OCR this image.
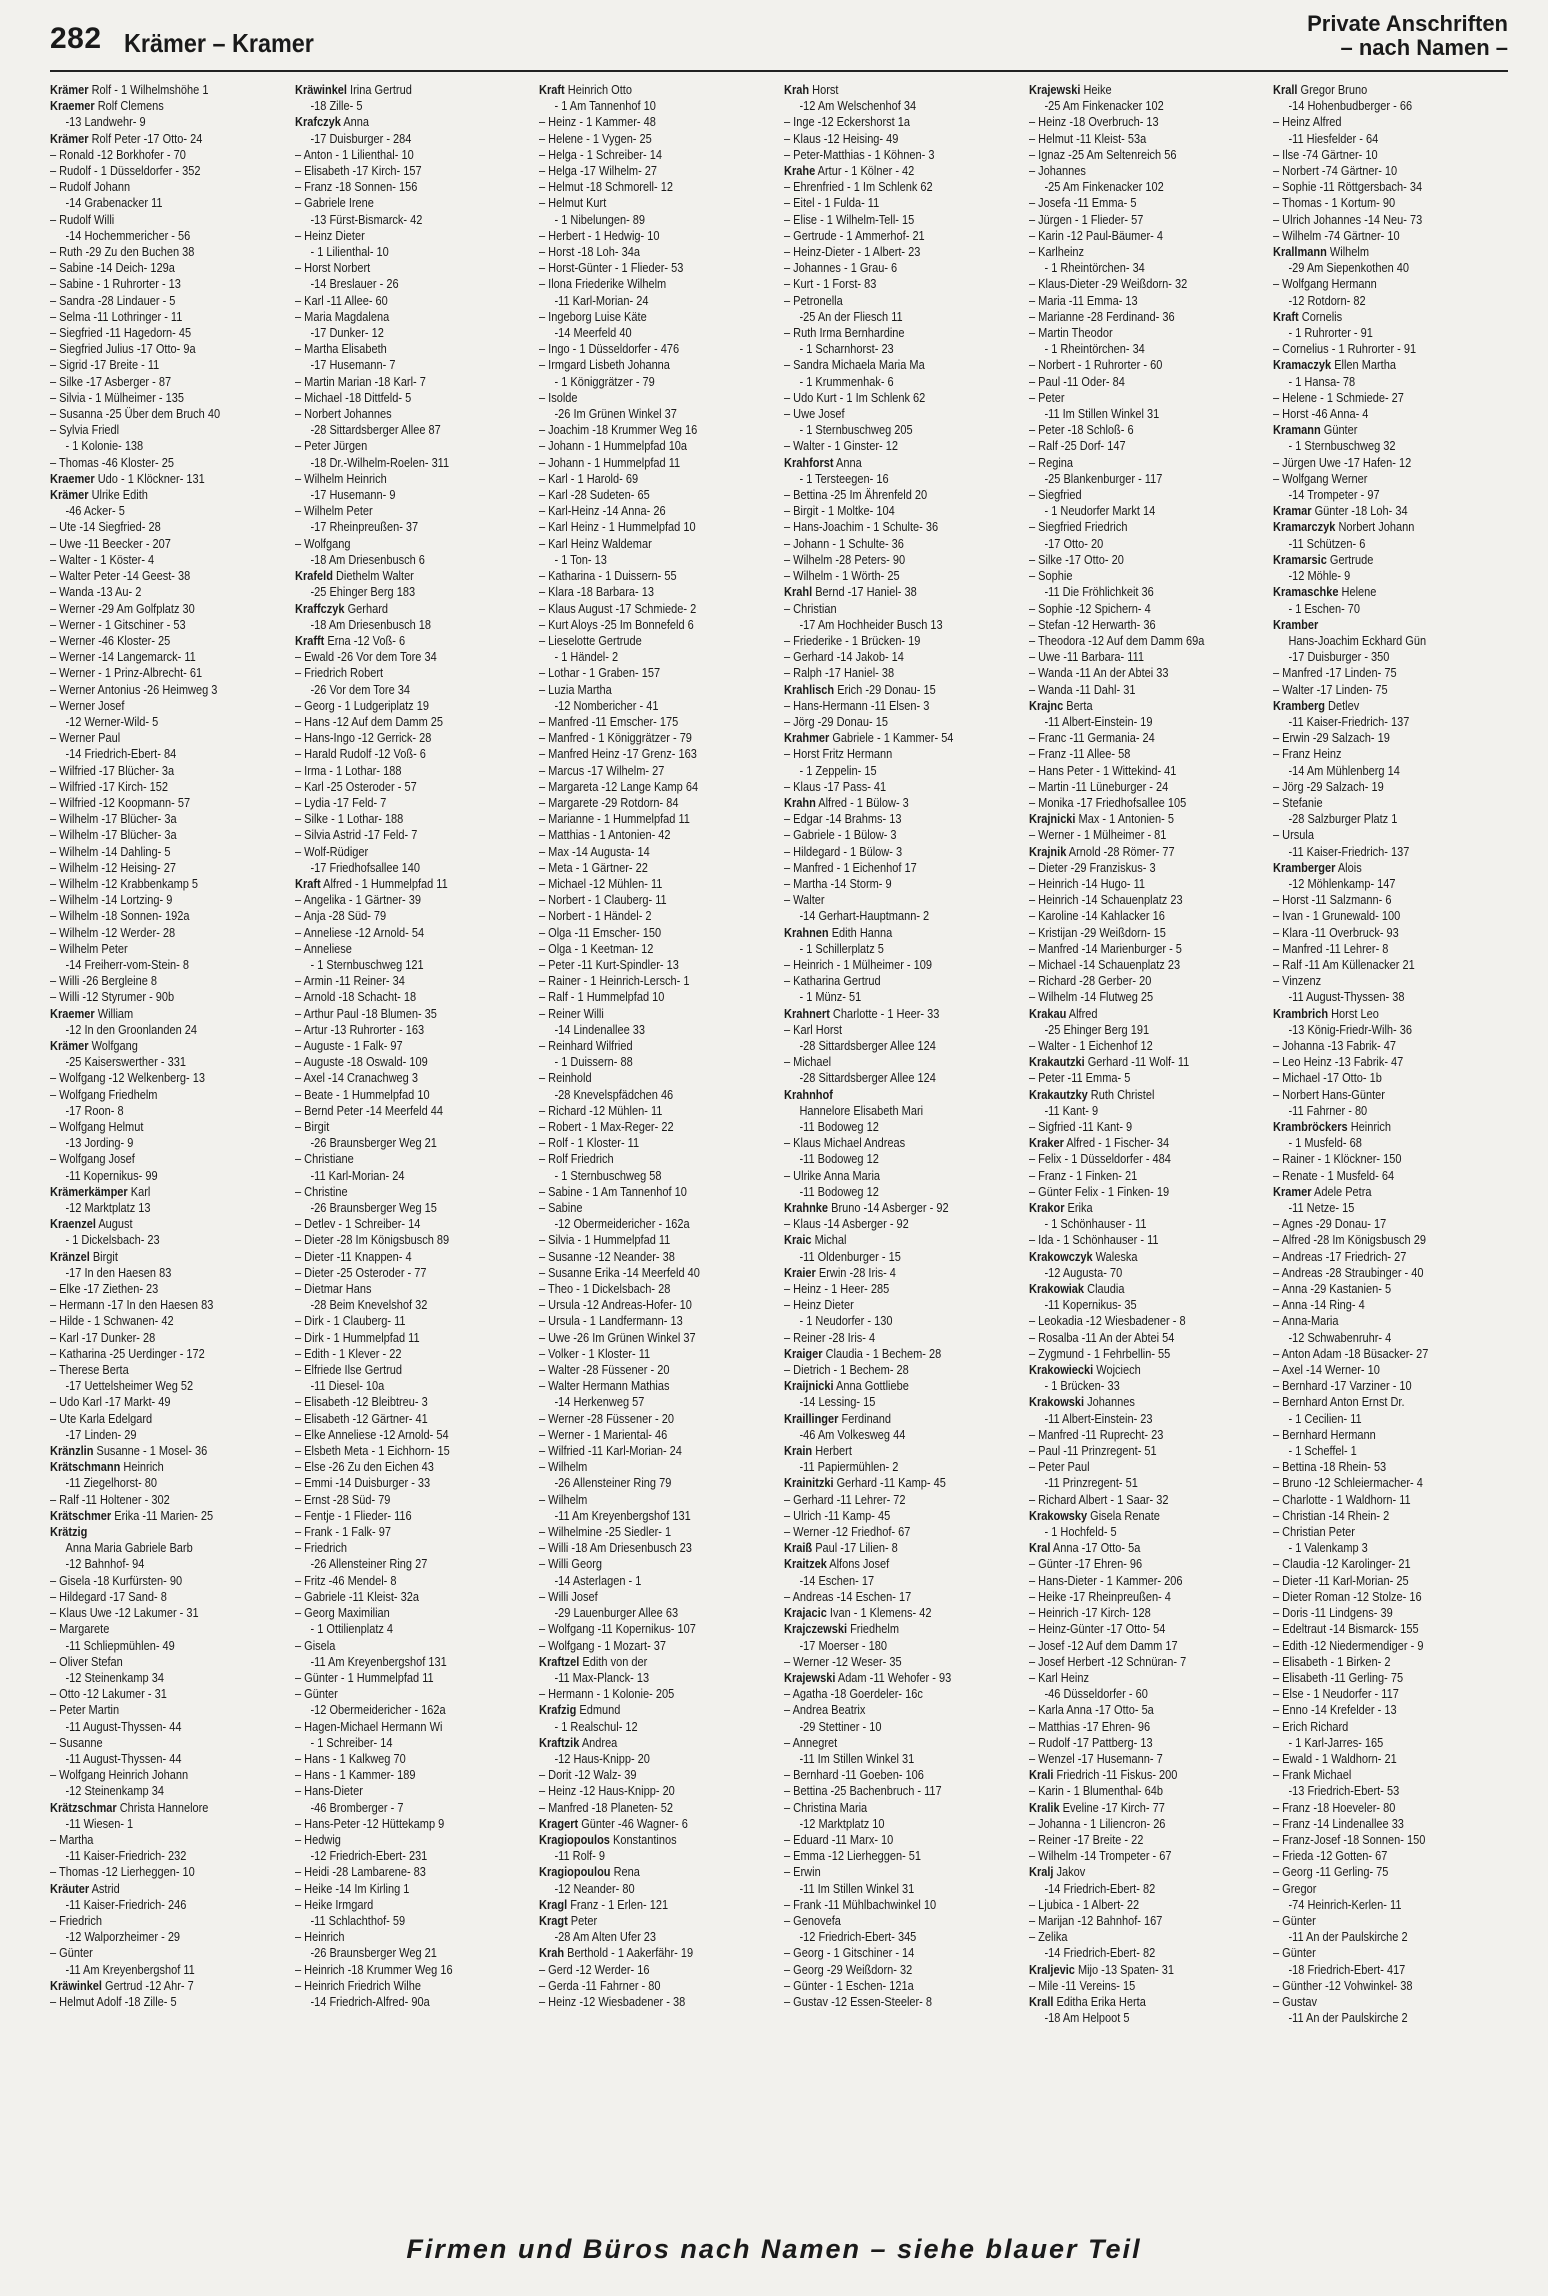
282 Krämer – Kramer
Private Anschriften
– nach Namen –
Krämer Rolf - 1 Wilhelmshöhe 1
Kraemer Rolf Clemens
-13 Landwehr- 9
Krämer Rolf Peter -17 Otto- 24
– Ronald -12 Borkhofer - 70
– Rudolf - 1 Düsseldorfer - 352
– Rudolf Johann
-14 Grabenacker 11
– Rudolf Willi
-14 Hochemmericher - 56
– Ruth -29 Zu den Buchen 38
– Sabine -14 Deich- 129a
– Sabine - 1 Ruhrorter - 13
– Sandra -28 Lindauer - 5
– Selma -11 Lothringer - 11
– Siegfried -11 Hagedorn- 45
– Siegfried Julius -17 Otto- 9a
– Sigrid -17 Breite - 11
– Silke -17 Asberger - 87
– Silvia - 1 Mülheimer - 135
– Susanna -25 Über dem Bruch 40
– Sylvia Friedl
- 1 Kolonie- 138
– Thomas -46 Kloster- 25
Kraemer Udo - 1 Klöckner- 131
Krämer Ulrike Edith
-46 Acker- 5
– Ute -14 Siegfried- 28
– Uwe -11 Beecker - 207
– Walter - 1 Köster- 4
– Walter Peter -14 Geest- 38
– Wanda -13 Au- 2
– Werner -29 Am Golfplatz 30
– Werner - 1 Gitschiner - 53
– Werner -46 Kloster- 25
– Werner -14 Langemarck- 11
– Werner - 1 Prinz-Albrecht- 61
– Werner Antonius -26 Heimweg 3
– Werner Josef
-12 Werner-Wild- 5
– Werner Paul
-14 Friedrich-Ebert- 84
– Wilfried -17 Blücher- 3a
– Wilfried -17 Kirch- 152
– Wilfried -12 Koopmann- 57
– Wilhelm -17 Blücher- 3a
– Wilhelm -17 Blücher- 3a
– Wilhelm -14 Dahling- 5
– Wilhelm -12 Heising- 27
– Wilhelm -12 Krabbenkamp 5
– Wilhelm -14 Lortzing- 9
– Wilhelm -18 Sonnen- 192a
– Wilhelm -12 Werder- 28
– Wilhelm Peter
-14 Freiherr-vom-Stein- 8
– Willi -26 Bergleine 8
– Willi -12 Styrumer - 90b
Kraemer William
-12 In den Groonlanden 24
Krämer Wolfgang
-25 Kaiserswerther - 331
– Wolfgang -12 Welkenberg- 13
– Wolfgang Friedhelm
-17 Roon- 8
– Wolfgang Helmut
-13 Jording- 9
– Wolfgang Josef
-11 Kopernikus- 99
Krämerkämper Karl
-12 Marktplatz 13
Kraenzel August
- 1 Dickelsbach- 23
Kränzel Birgit
-17 In den Haesen 83
– Elke -17 Ziethen- 23
– Hermann -17 In den Haesen 83
– Hilde - 1 Schwanen- 42
– Karl -17 Dunker- 28
– Katharina -25 Uerdinger - 172
– Therese Berta
-17 Uettelsheimer Weg 52
– Udo Karl -17 Markt- 49
– Ute Karla Edelgard
-17 Linden- 29
Kränzlin Susanne - 1 Mosel- 36
Krätschmann Heinrich
-11 Ziegelhorst- 80
– Ralf -11 Holtener - 302
Krätschmer Erika -11 Marien- 25
Krätzig
Anna Maria Gabriele Barb
-12 Bahnhof- 94
– Gisela -18 Kurfürsten- 90
– Hildegard -17 Sand- 8
– Klaus Uwe -12 Lakumer - 31
– Margarete
-11 Schliepmühlen- 49
– Oliver Stefan
-12 Steinenkamp 34
– Otto -12 Lakumer - 31
– Peter Martin
-11 August-Thyssen- 44
– Susanne
-11 August-Thyssen- 44
– Wolfgang Heinrich Johann
-12 Steinenkamp 34
Krätzschmar Christa Hannelore
-11 Wiesen- 1
– Martha
-11 Kaiser-Friedrich- 232
– Thomas -12 Lierheggen- 10
Kräuter Astrid
-11 Kaiser-Friedrich- 246
– Friedrich
-12 Walporzheimer - 29
– Günter
-11 Am Kreyenbergshof 11
Kräwinkel Gertrud -12 Ahr- 7
– Helmut Adolf -18 Zille- 5
Kräwinkel Irina Gertrud
-18 Zille- 5
Krafczyk Anna
-17 Duisburger - 284
– Anton - 1 Lilienthal- 10
– Elisabeth -17 Kirch- 157
– Franz -18 Sonnen- 156
– Gabriele Irene
-13 Fürst-Bismarck- 42
– Heinz Dieter
- 1 Lilienthal- 10
– Horst Norbert
-14 Breslauer - 26
– Karl -11 Allee- 60
– Maria Magdalena
-17 Dunker- 12
– Martha Elisabeth
-17 Husemann- 7
– Martin Marian -18 Karl- 7
– Michael -18 Dittfeld- 5
– Norbert Johannes
-28 Sittardsberger Allee 87
– Peter Jürgen
-18 Dr.-Wilhelm-Roelen- 311
– Wilhelm Heinrich
-17 Husemann- 9
– Wilhelm Peter
-17 Rheinpreußen- 37
– Wolfgang
-18 Am Driesenbusch 6
Krafeld Diethelm Walter
-25 Ehinger Berg 183
Kraffczyk Gerhard
-18 Am Driesenbusch 18
Krafft Erna -12 Voß- 6
– Ewald -26 Vor dem Tore 34
– Friedrich Robert
-26 Vor dem Tore 34
– Georg - 1 Ludgeriplatz 19
– Hans -12 Auf dem Damm 25
– Hans-Ingo -12 Gerrick- 28
– Harald Rudolf -12 Voß- 6
– Irma - 1 Lothar- 188
– Karl -25 Osteroder - 57
– Lydia -17 Feld- 7
– Silke - 1 Lothar- 188
– Silvia Astrid -17 Feld- 7
– Wolf-Rüdiger
-17 Friedhofsallee 140
Kraft Alfred - 1 Hummelpfad 11
– Angelika - 1 Gärtner- 39
– Anja -28 Süd- 79
– Anneliese -12 Arnold- 54
– Anneliese
- 1 Sternbuschweg 121
– Armin -11 Reiner- 34
– Arnold -18 Schacht- 18
– Arthur Paul -18 Blumen- 35
– Artur -13 Ruhrorter - 163
– Auguste - 1 Falk- 97
– Auguste -18 Oswald- 109
– Axel -14 Cranachweg 3
– Beate - 1 Hummelpfad 10
– Bernd Peter -14 Meerfeld 44
– Birgit
-26 Braunsberger Weg 21
– Christiane
-11 Karl-Morian- 24
– Christine
-26 Braunsberger Weg 15
– Detlev - 1 Schreiber- 14
– Dieter -28 Im Königsbusch 89
– Dieter -11 Knappen- 4
– Dieter -25 Osteroder - 77
– Dietmar Hans
-28 Beim Knevelshof 32
– Dirk - 1 Clauberg- 11
– Dirk - 1 Hummelpfad 11
– Edith - 1 Klever - 22
– Elfriede Ilse Gertrud
-11 Diesel- 10a
– Elisabeth -12 Bleibtreu- 3
– Elisabeth -12 Gärtner- 41
– Elke Anneliese -12 Arnold- 54
– Elsbeth Meta - 1 Eichhorn- 15
– Else -26 Zu den Eichen 43
– Emmi -14 Duisburger - 33
– Ernst -28 Süd- 79
– Fentje - 1 Flieder- 116
– Frank - 1 Falk- 97
– Friedrich
-26 Allensteiner Ring 27
– Fritz -46 Mendel- 8
– Gabriele -11 Kleist- 32a
– Georg Maximilian
- 1 Ottilienplatz 4
– Gisela
-11 Am Kreyenbergshof 131
– Günter - 1 Hummelpfad 11
– Günter
-12 Obermeidericher - 162a
– Hagen-Michael Hermann Wi
- 1 Schreiber- 14
– Hans - 1 Kalkweg 70
– Hans - 1 Kammer- 189
– Hans-Dieter
-46 Bromberger - 7
– Hans-Peter -12 Hüttekamp 9
– Hedwig
-12 Friedrich-Ebert- 231
– Heidi -28 Lambarene- 83
– Heike -14 Im Kirling 1
– Heike Irmgard
-11 Schlachthof- 59
– Heinrich
-26 Braunsberger Weg 21
– Heinrich -18 Krummer Weg 16
– Heinrich Friedrich Wilhe
-14 Friedrich-Alfred- 90a
Kraft Heinrich Otto
- 1 Am Tannenhof 10
– Heinz - 1 Kammer- 48
– Helene - 1 Vygen- 25
– Helga - 1 Schreiber- 14
– Helga -17 Wilhelm- 27
– Helmut -18 Schmorell- 12
– Helmut Kurt
- 1 Nibelungen- 89
– Herbert - 1 Hedwig- 10
– Horst -18 Loh- 34a
– Horst-Günter - 1 Flieder- 53
– Ilona Friederike Wilhelm
-11 Karl-Morian- 24
– Ingeborg Luise Käte
-14 Meerfeld 40
– Ingo - 1 Düsseldorfer - 476
– Irmgard Lisbeth Johanna
- 1 Königgrätzer - 79
– Isolde
-26 Im Grünen Winkel 37
– Joachim -18 Krummer Weg 16
– Johann - 1 Hummelpfad 10a
– Johann - 1 Hummelpfad 11
– Karl - 1 Harold- 69
– Karl -28 Sudeten- 65
– Karl-Heinz -14 Anna- 26
– Karl Heinz - 1 Hummelpfad 10
– Karl Heinz Waldemar
- 1 Ton- 13
– Katharina - 1 Duissern- 55
– Klara -18 Barbara- 13
– Klaus August -17 Schmiede- 2
– Kurt Aloys -25 Im Bonnefeld 6
– Lieselotte Gertrude
- 1 Händel- 2
– Lothar - 1 Graben- 157
– Luzia Martha
-12 Nombericher - 41
– Manfred -11 Emscher- 175
– Manfred - 1 Königgrätzer - 79
– Manfred Heinz -17 Grenz- 163
– Marcus -17 Wilhelm- 27
– Margareta -12 Lange Kamp 64
– Margarete -29 Rotdorn- 84
– Marianne - 1 Hummelpfad 11
– Matthias - 1 Antonien- 42
– Max -14 Augusta- 14
– Meta - 1 Gärtner- 22
– Michael -12 Mühlen- 11
– Norbert - 1 Clauberg- 11
– Norbert - 1 Händel- 2
– Olga -11 Emscher- 150
– Olga - 1 Keetman- 12
– Peter -11 Kurt-Spindler- 13
– Rainer - 1 Heinrich-Lersch- 1
– Ralf - 1 Hummelpfad 10
– Reiner Willi
-14 Lindenallee 33
– Reinhard Wilfried
- 1 Duissern- 88
– Reinhold
-28 Knevelspfädchen 46
– Richard -12 Mühlen- 11
– Robert - 1 Max-Reger- 22
– Rolf - 1 Kloster- 11
– Rolf Friedrich
- 1 Sternbuschweg 58
– Sabine - 1 Am Tannenhof 10
– Sabine
-12 Obermeidericher - 162a
– Silvia - 1 Hummelpfad 11
– Susanne -12 Neander- 38
– Susanne Erika -14 Meerfeld 40
– Theo - 1 Dickelsbach- 28
– Ursula -12 Andreas-Hofer- 10
– Ursula - 1 Landfermann- 13
– Uwe -26 Im Grünen Winkel 37
– Volker - 1 Kloster- 11
– Walter -28 Füssener - 20
– Walter Hermann Mathias
-14 Herkenweg 57
– Werner -28 Füssener - 20
– Werner - 1 Mariental- 46
– Wilfried -11 Karl-Morian- 24
– Wilhelm
-26 Allensteiner Ring 79
– Wilhelm
-11 Am Kreyenbergshof 131
– Wilhelmine -25 Siedler- 1
– Willi -18 Am Driesenbusch 23
– Willi Georg
-14 Asterlagen - 1
– Willi Josef
-29 Lauenburger Allee 63
– Wolfgang -11 Kopernikus- 107
– Wolfgang - 1 Mozart- 37
Kraftzel Edith von der
-11 Max-Planck- 13
– Hermann - 1 Kolonie- 205
Krafzig Edmund
- 1 Realschul- 12
Kraftzik Andrea
-12 Haus-Knipp- 20
– Dorit -12 Walz- 39
– Heinz -12 Haus-Knipp- 20
– Manfred -18 Planeten- 52
Kragert Günter -46 Wagner- 6
Kragiopoulos Konstantinos
-11 Rolf- 9
Kragiopoulou Rena
-12 Neander- 80
Kragl Franz - 1 Erlen- 121
Kragt Peter
-28 Am Alten Ufer 23
Krah Berthold - 1 Aakerfähr- 19
– Gerd -12 Werder- 16
– Gerda -11 Fahrner - 80
– Heinz -12 Wiesbadener - 38
Krah Horst
-12 Am Welschenhof 34
– Inge -12 Eckershorst 1a
– Klaus -12 Heising- 49
– Peter-Matthias - 1 Köhnen- 3
Krahe Artur - 1 Kölner - 42
– Ehrenfried - 1 Im Schlenk 62
– Eitel - 1 Fulda- 11
– Elise - 1 Wilhelm-Tell- 15
– Gertrude - 1 Ammerhof- 21
– Heinz-Dieter - 1 Albert- 23
– Johannes - 1 Grau- 6
– Kurt - 1 Forst- 83
– Petronella
-25 An der Fliesch 11
– Ruth Irma Bernhardine
- 1 Scharnhorst- 23
– Sandra Michaela Maria Ma
- 1 Krummenhak- 6
– Udo Kurt - 1 Im Schlenk 62
– Uwe Josef
- 1 Sternbuschweg 205
– Walter - 1 Ginster- 12
Krahforst Anna
- 1 Tersteegen- 16
– Bettina -25 Im Ährenfeld 20
– Birgit - 1 Moltke- 104
– Hans-Joachim - 1 Schulte- 36
– Johann - 1 Schulte- 36
– Wilhelm -28 Peters- 90
– Wilhelm - 1 Wörth- 25
Krahl Bernd -17 Haniel- 38
– Christian
-17 Am Hochheider Busch 13
– Friederike - 1 Brücken- 19
– Gerhard -14 Jakob- 14
– Ralph -17 Haniel- 38
Krahlisch Erich -29 Donau- 15
– Hans-Hermann -11 Elsen- 3
– Jörg -29 Donau- 15
Krahmer Gabriele - 1 Kammer- 54
– Horst Fritz Hermann
- 1 Zeppelin- 15
– Klaus -17 Pass- 41
Krahn Alfred - 1 Bülow- 3
– Edgar -14 Brahms- 13
– Gabriele - 1 Bülow- 3
– Hildegard - 1 Bülow- 3
– Manfred - 1 Eichenhof 17
– Martha -14 Storm- 9
– Walter
-14 Gerhart-Hauptmann- 2
Krahnen Edith Hanna
- 1 Schillerplatz 5
– Heinrich - 1 Mülheimer - 109
– Katharina Gertrud
- 1 Münz- 51
Krahnert Charlotte - 1 Heer- 33
– Karl Horst
-28 Sittardsberger Allee 124
– Michael
-28 Sittardsberger Allee 124
Krahnhof
Hannelore Elisabeth Mari
-11 Bodoweg 12
– Klaus Michael Andreas
-11 Bodoweg 12
– Ulrike Anna Maria
-11 Bodoweg 12
Krahnke Bruno -14 Asberger - 92
– Klaus -14 Asberger - 92
Kraic Michal
-11 Oldenburger - 15
Kraier Erwin -28 Iris- 4
– Heinz - 1 Heer- 285
– Heinz Dieter
- 1 Neudorfer - 130
– Reiner -28 Iris- 4
Kraiger Claudia - 1 Bechem- 28
– Dietrich - 1 Bechem- 28
Kraijnicki Anna Gottliebe
-14 Lessing- 15
Kraillinger Ferdinand
-46 Am Volkesweg 44
Krain Herbert
-11 Papiermühlen- 2
Krainitzki Gerhard -11 Kamp- 45
– Gerhard -11 Lehrer- 72
– Ulrich -11 Kamp- 45
– Werner -12 Friedhof- 67
Kraiß Paul -17 Lilien- 8
Kraitzek Alfons Josef
-14 Eschen- 17
– Andreas -14 Eschen- 17
Krajacic Ivan - 1 Klemens- 42
Krajczewski Friedhelm
-17 Moerser - 180
– Werner -12 Weser- 35
Krajewski Adam -11 Wehofer - 93
– Agatha -18 Goerdeler- 16c
– Andrea Beatrix
-29 Stettiner - 10
– Annegret
-11 Im Stillen Winkel 31
– Bernhard -11 Goeben- 106
– Bettina -25 Bachenbruch - 117
– Christina Maria
-12 Marktplatz 10
– Eduard -11 Marx- 10
– Emma -12 Lierheggen- 51
– Erwin
-11 Im Stillen Winkel 31
– Frank -11 Mühlbachwinkel 10
– Genovefa
-12 Friedrich-Ebert- 345
– Georg - 1 Gitschiner - 14
– Georg -29 Weißdorn- 32
– Günter - 1 Eschen- 121a
– Gustav -12 Essen-Steeler- 8
Krajewski Heike
-25 Am Finkenacker 102
– Heinz -18 Overbruch- 13
– Helmut -11 Kleist- 53a
– Ignaz -25 Am Seltenreich 56
– Johannes
-25 Am Finkenacker 102
– Josefa -11 Emma- 5
– Jürgen - 1 Flieder- 57
– Karin -12 Paul-Bäumer- 4
– Karlheinz
- 1 Rheintörchen- 34
– Klaus-Dieter -29 Weißdorn- 32
– Maria -11 Emma- 13
– Marianne -28 Ferdinand- 36
– Martin Theodor
- 1 Rheintörchen- 34
– Norbert - 1 Ruhrorter - 60
– Paul -11 Oder- 84
– Peter
-11 Im Stillen Winkel 31
– Peter -18 Schloß- 6
– Ralf -25 Dorf- 147
– Regina
-25 Blankenburger - 117
– Siegfried
- 1 Neudorfer Markt 14
– Siegfried Friedrich
-17 Otto- 20
– Silke -17 Otto- 20
– Sophie
-11 Die Fröhlichkeit 36
– Sophie -12 Spichern- 4
– Stefan -12 Herwarth- 36
– Theodora -12 Auf dem Damm 69a
– Uwe -11 Barbara- 111
– Wanda -11 An der Abtei 33
– Wanda -11 Dahl- 31
Krajnc Berta
-11 Albert-Einstein- 19
– Franc -11 Germania- 24
– Franz -11 Allee- 58
– Hans Peter - 1 Wittekind- 41
– Martin -11 Lüneburger - 24
– Monika -17 Friedhofsallee 105
Krajnicki Max - 1 Antonien- 5
– Werner - 1 Mülheimer - 81
Krajnik Arnold -28 Römer- 77
– Dieter -29 Franziskus- 3
– Heinrich -14 Hugo- 11
– Heinrich -14 Schauenplatz 23
– Karoline -14 Kahlacker 16
– Kristijan -29 Weißdorn- 15
– Manfred -14 Marienburger - 5
– Michael -14 Schauenplatz 23
– Richard -28 Gerber- 20
– Wilhelm -14 Flutweg 25
Krakau Alfred
-25 Ehinger Berg 191
– Walter - 1 Eichenhof 12
Krakautzki Gerhard -11 Wolf- 11
– Peter -11 Emma- 5
Krakautzky Ruth Christel
-11 Kant- 9
– Sigfried -11 Kant- 9
Kraker Alfred - 1 Fischer- 34
– Felix - 1 Düsseldorfer - 484
– Franz - 1 Finken- 21
– Günter Felix - 1 Finken- 19
Krakor Erika
- 1 Schönhauser - 11
– Ida - 1 Schönhauser - 11
Krakowczyk Waleska
-12 Augusta- 70
Krakowiak Claudia
-11 Kopernikus- 35
– Leokadia -12 Wiesbadener - 8
– Rosalba -11 An der Abtei 54
– Zygmund - 1 Fehrbellin- 55
Krakowiecki Wojciech
- 1 Brücken- 33
Krakowski Johannes
-11 Albert-Einstein- 23
– Manfred -11 Ruprecht- 23
– Paul -11 Prinzregent- 51
– Peter Paul
-11 Prinzregent- 51
– Richard Albert - 1 Saar- 32
Krakowsky Gisela Renate
- 1 Hochfeld- 5
Kral Anna -17 Otto- 5a
– Günter -17 Ehren- 96
– Hans-Dieter - 1 Kammer- 206
– Heike -17 Rheinpreußen- 4
– Heinrich -17 Kirch- 128
– Heinz-Günter -17 Otto- 54
– Josef -12 Auf dem Damm 17
– Josef Herbert -12 Schnüran- 7
– Karl Heinz
-46 Düsseldorfer - 60
– Karla Anna -17 Otto- 5a
– Matthias -17 Ehren- 96
– Rudolf -17 Pattberg- 13
– Wenzel -17 Husemann- 7
Krali Friedrich -11 Fiskus- 200
– Karin - 1 Blumenthal- 64b
Kralik Eveline -17 Kirch- 77
– Johanna - 1 Liliencron- 26
– Reiner -17 Breite - 22
– Wilhelm -14 Trompeter - 67
Kralj Jakov
-14 Friedrich-Ebert- 82
– Ljubica - 1 Albert- 22
– Marijan -12 Bahnhof- 167
– Zelika
-14 Friedrich-Ebert- 82
Kraljevic Mijo -13 Spaten- 31
– Mile -11 Vereins- 15
Krall Editha Erika Herta
-18 Am Helpoot 5
Krall Gregor Bruno
-14 Hohenbudberger - 66
– Heinz Alfred
-11 Hiesfelder - 64
– Ilse -74 Gärtner- 10
– Norbert -74 Gärtner- 10
– Sophie -11 Röttgersbach- 34
– Thomas - 1 Kortum- 90
– Ulrich Johannes -14 Neu- 73
– Wilhelm -74 Gärtner- 10
Krallmann Wilhelm
-29 Am Siepenkothen 40
– Wolfgang Hermann
-12 Rotdorn- 82
Kraft Cornelis
- 1 Ruhrorter - 91
– Cornelius - 1 Ruhrorter - 91
Kramaczyk Ellen Martha
- 1 Hansa- 78
– Helene - 1 Schmiede- 27
– Horst -46 Anna- 4
Kramann Günter
- 1 Sternbuschweg 32
– Jürgen Uwe -17 Hafen- 12
– Wolfgang Werner
-14 Trompeter - 97
Kramar Günter -18 Loh- 34
Kramarczyk Norbert Johann
-11 Schützen- 6
Kramarsic Gertrude
-12 Möhle- 9
Kramaschke Helene
- 1 Eschen- 70
Kramber
Hans-Joachim Eckhard Gün
-17 Duisburger - 350
– Manfred -17 Linden- 75
– Walter -17 Linden- 75
Kramberg Detlev
-11 Kaiser-Friedrich- 137
– Erwin -29 Salzach- 19
– Franz Heinz
-14 Am Mühlenberg 14
– Jörg -29 Salzach- 19
– Stefanie
-28 Salzburger Platz 1
– Ursula
-11 Kaiser-Friedrich- 137
Kramberger Alois
-12 Möhlenkamp- 147
– Horst -11 Salzmann- 6
– Ivan - 1 Grunewald- 100
– Klara -11 Overbruck- 93
– Manfred -11 Lehrer- 8
– Ralf -11 Am Küllenacker 21
– Vinzenz
-11 August-Thyssen- 38
Krambrich Horst Leo
-13 König-Friedr-Wilh- 36
– Johanna -13 Fabrik- 47
– Leo Heinz -13 Fabrik- 47
– Michael -17 Otto- 1b
– Norbert Hans-Günter
-11 Fahrner - 80
Krambröckers Heinrich
- 1 Musfeld- 68
– Rainer - 1 Klöckner- 150
– Renate - 1 Musfeld- 64
Kramer Adele Petra
-11 Netze- 15
– Agnes -29 Donau- 17
– Alfred -28 Im Königsbusch 29
– Andreas -17 Friedrich- 27
– Andreas -28 Straubinger - 40
– Anna -29 Kastanien- 5
– Anna -14 Ring- 4
– Anna-Maria
-12 Schwabenruhr- 4
– Anton Adam -18 Büsacker- 27
– Axel -14 Werner- 10
– Bernhard -17 Varziner - 10
– Bernhard Anton Ernst Dr.
- 1 Cecilien- 11
– Bernhard Hermann
- 1 Scheffel- 1
– Bettina -18 Rhein- 53
– Bruno -12 Schleiermacher- 4
– Charlotte - 1 Waldhorn- 11
– Christian -14 Rhein- 2
– Christian Peter
- 1 Valenkamp 3
– Claudia -12 Karolinger- 21
– Dieter -11 Karl-Morian- 25
– Dieter Roman -12 Stolze- 16
– Doris -11 Lindgens- 39
– Edeltraut -14 Bismarck- 155
– Edith -12 Niedermendiger - 9
– Elisabeth - 1 Birken- 2
– Elisabeth -11 Gerling- 75
– Else - 1 Neudorfer - 117
– Enno -14 Krefelder - 13
– Erich Richard
- 1 Karl-Jarres- 165
– Ewald - 1 Waldhorn- 21
– Frank Michael
-13 Friedrich-Ebert- 53
– Franz -18 Hoeveler- 80
– Franz -14 Lindenallee 33
– Franz-Josef -18 Sonnen- 150
– Frieda -12 Gotten- 67
– Georg -11 Gerling- 75
– Gregor
-74 Heinrich-Kerlen- 11
– Günter
-11 An der Paulskirche 2
– Günter
-18 Friedrich-Ebert- 417
– Günther -12 Vohwinkel- 38
– Gustav
-11 An der Paulskirche 2
Firmen und Büros nach Namen – siehe blauer Teil
